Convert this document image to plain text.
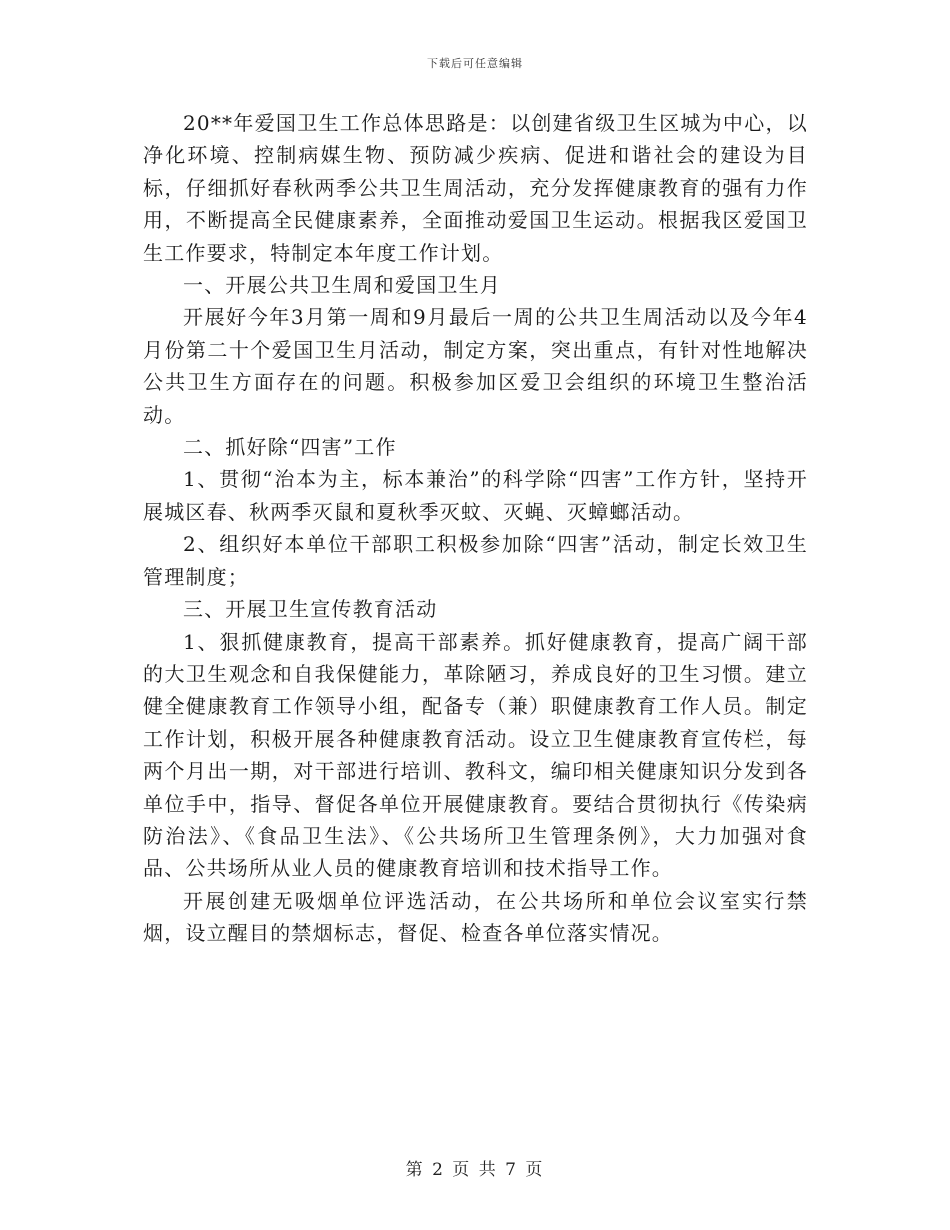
下载后可任意编辑

20**年爱国卫生工作总体思路是：以创建省级卫生区城为中心，以净化环境、控制病媒生物、预防减少疾病、促进和谐社会的建设为目标，仔细抓好春秋两季公共卫生周活动，充分发挥健康教育的强有力作用，不断提高全民健康素养，全面推动爱国卫生运动。根据我区爱国卫生工作要求，特制定本年度工作计划。

一、开展公共卫生周和爱国卫生月

开展好今年3月第一周和9月最后一周的公共卫生周活动以及今年4月份第二十个爱国卫生月活动，制定方案，突出重点，有针对性地解决公共卫生方面存在的问题。积极参加区爱卫会组织的环境卫生整治活动。

二、抓好除“四害”工作

1、贯彻“治本为主，标本兼治”的科学除“四害”工作方针，坚持开展城区春、秋两季灭鼠和夏秋季灭蚊、灭蝇、灭蟑螂活动。

2、组织好本单位干部职工积极参加除“四害”活动，制定长效卫生管理制度；

三、开展卫生宣传教育活动

1、狠抓健康教育，提高干部素养。抓好健康教育，提高广阔干部的大卫生观念和自我保健能力，革除陋习，养成良好的卫生习惯。建立健全健康教育工作领导小组，配备专（兼）职健康教育工作人员。制定工作计划，积极开展各种健康教育活动。设立卫生健康教育宣传栏，每两个月出一期，对干部进行培训、教科文，编印相关健康知识分发到各单位手中，指导、督促各单位开展健康教育。要结合贯彻执行《传染病防治法》、《食品卫生法》、《公共场所卫生管理条例》，大力加强对食品、公共场所从业人员的健康教育培训和技术指导工作。

开展创建无吸烟单位评选活动，在公共场所和单位会议室实行禁烟，设立醒目的禁烟标志，督促、检查各单位落实情况。

第 2 页 共 7 页
